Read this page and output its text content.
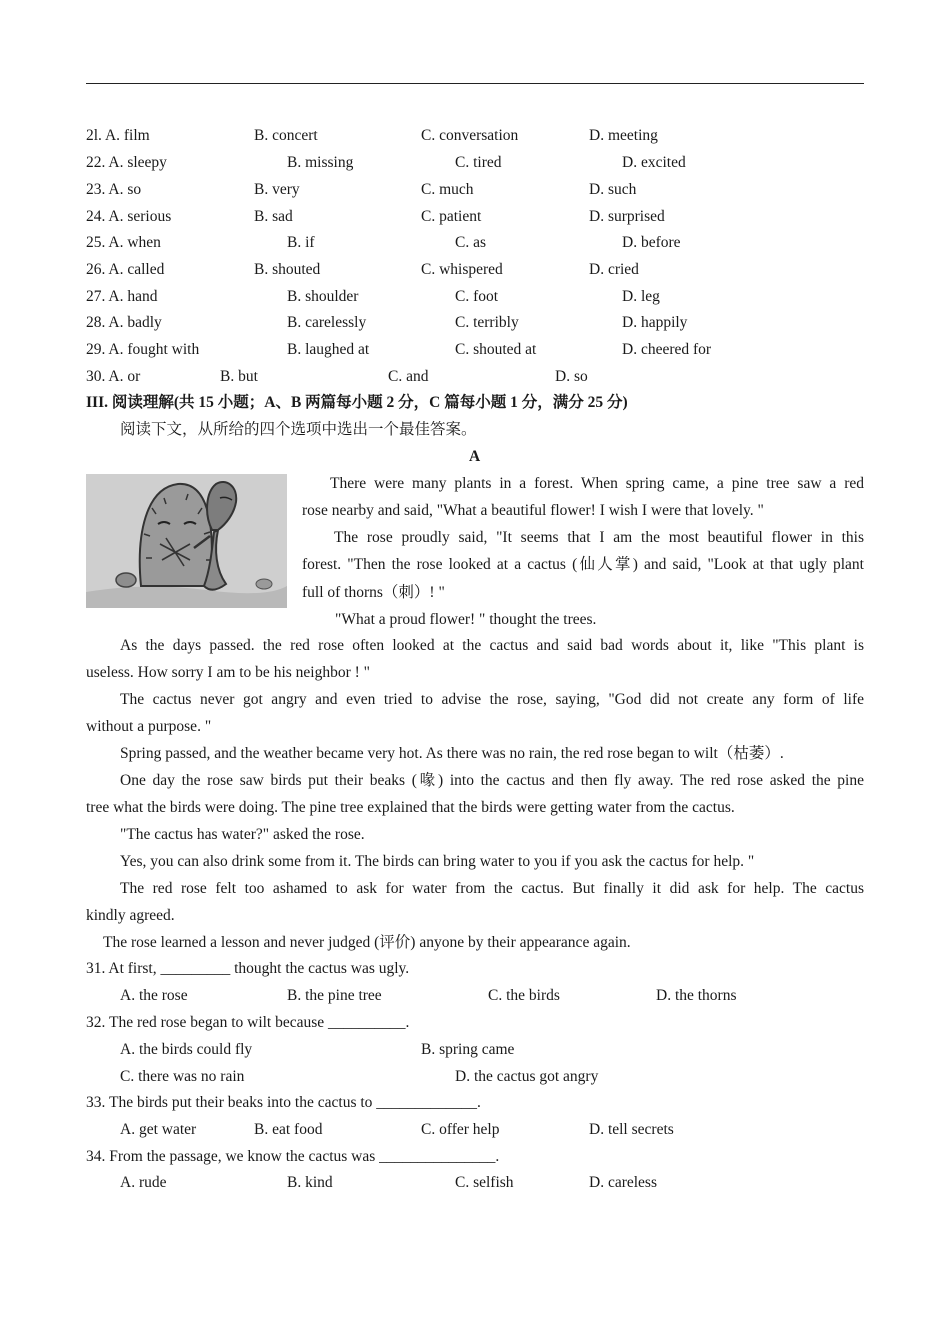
2l. A. film	B. concert	C. conversation	D. meeting
22. A. sleepy	B. missing	C. tired	D. excited
23. A. so	B. very	C. much	D. such
24. A. serious	B. sad	C. patient	D. surprised
25. A. when	B. if	C. as	D. before
26. A. called	B. shouted	C. whispered	D. cried
27. A. hand	B. shoulder	C. foot	D. leg
28. A. badly	B. carelessly	C. terribly	D. happily
29. A. fought with	B. laughed at	C. shouted at	D. cheered for
30. A. or	B. but	C. and	D. so
III. 阅读理解(共 15 小题；A、B 两篇每小题 2 分，C 篇每小题 1 分，满分 25 分)
阅读下文，从所给的四个选项中选出一个最佳答案。
A
There were many plants in a forest. When spring came, a pine tree saw a red
rose nearby and said, "What a beautiful flower! I wish I were that lovely. "
The rose proudly said, "It seems that I am the most beautiful flower in this
forest. "Then the rose looked at a cactus (仙人掌) and said, "Look at that ugly plant
full of thorns（刺）! "
"What a proud flower! " thought the trees.
As the days passed. the red rose often looked at the cactus and said bad words about it, like "This plant is
useless. How sorry I am to be his neighbor ! "
The cactus never got angry and even tried to advise the rose, saying, "God did not create any form of life
without a purpose. "
Spring passed, and the weather became very hot. As there was no rain, the red rose began to wilt（枯萎）.
One day the rose saw birds put their beaks (喙) into the cactus and then fly away. The red rose asked the pine
tree what the birds were doing. The pine tree explained that the birds were getting water from the cactus.
"The cactus has water?" asked the rose.
Yes, you can also drink some from it. The birds can bring water to you if you ask the cactus for help. "
The red rose felt too ashamed to ask for water from the cactus. But finally it did ask for help. The cactus
kindly agreed.
The rose learned a lesson and never judged (评价) anyone by their appearance again.
31. At first, _________ thought the cactus was ugly.
A. the rose	B. the pine tree	C. the birds	D. the thorns
32. The red rose began to wilt because __________.
A. the birds could fly	B. spring came
C. there was no rain	D. the cactus got angry
33. The birds put their beaks into the cactus to _____________.
A. get water	B. eat food	C. offer help	D. tell secrets
34. From the passage, we know the cactus was _______________.
A. rude	B. kind	C. selfish	D. careless
